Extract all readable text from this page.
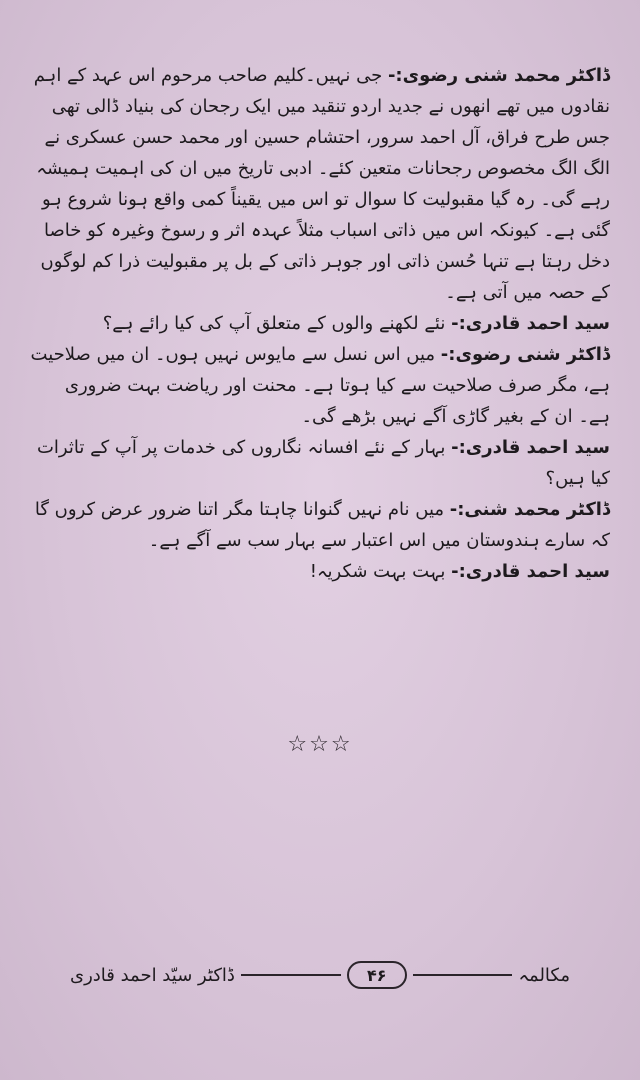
ڈاکٹر محمد شنی رضوی:- جی نہیں۔کلیم صاحب مرحوم اس عہد کے اہم نقادوں میں تھے انھوں نے جدید اردو تنقید میں ایک رجحان کی بنیاد ڈالی تھی جس طرح فراق، آل احمد سرور، احتشام حسین اور محمد حسن عسکری نے الگ الگ مخصوص رجحانات متعین کئے۔ ادبی تاریخ میں ان کی اہمیت ہمیشہ رہے گی۔ رہ گیا مقبولیت کا سوال تو اس میں یقیناً کمی واقع ہونا شروع ہو گئی ہے۔ کیونکہ اس میں ذاتی اسباب مثلاً عہدہ اثر و رسوخ وغیرہ کو خاصا دخل رہتا ہے تنہا حُسن ذاتی اور جوہر ذاتی کے بل پر مقبولیت ذرا کم لوگوں کے حصہ میں آتی ہے۔

سید احمد قادری:- نئے لکھنے والوں کے متعلق آپ کی کیا رائے ہے؟

ڈاکٹر شنی رضوی:- میں اس نسل سے مایوس نہیں ہوں۔ ان میں صلاحیت ہے، مگر صرف صلاحیت سے کیا ہوتا ہے۔ محنت اور ریاضت بہت ضروری ہے۔ ان کے بغیر گاڑی آگے نہیں بڑھے گی۔

سید احمد قادری:- بہار کے نئے افسانہ نگاروں کی خدمات پر آپ کے تاثرات کیا ہیں؟

ڈاکٹر محمد شنی:- میں نام نہیں گنوانا چاہتا مگر اتنا ضرور عرض کروں گا کہ سارے ہندوستان میں اس اعتبار سے بہار سب سے آگے ہے۔

سید احمد قادری:- بہت بہت شکریہ!

☆☆☆
مکالمہ
۴۶
ڈاکٹر سیّد احمد قادری
